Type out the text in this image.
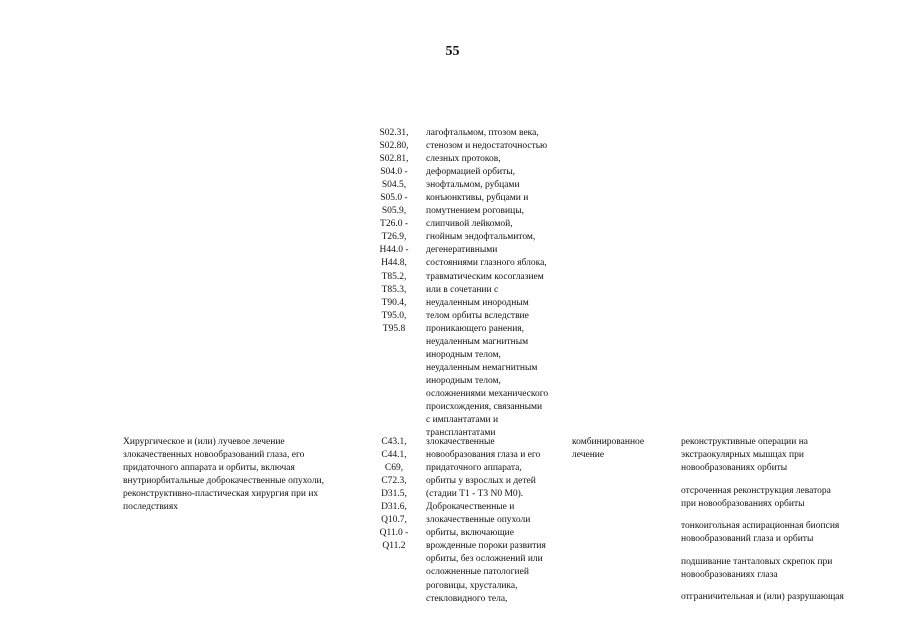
55
S02.31,
S02.80,
S02.81,
S04.0 -
S04.5,
S05.0 -
S05.9,
T26.0 -
T26.9,
H44.0 -
H44.8,
T85.2,
T85.3,
T90.4,
T95.0,
T95.8
лагофтальмом, птозом века,
стенозом и недостаточностью
слезных протоков,
деформацией орбиты,
энофтальмом, рубцами
конъюнктивы, рубцами и
помутнением роговицы,
слипчивой лейкомой,
гнойным эндофтальмитом,
дегенеративными
состояниями глазного яблока,
травматическим косоглазием
или в сочетании с
неудаленным инородным
телом орбиты вследствие
проникающего ранения,
неудаленным магнитным
инородным телом,
неудаленным немагнитным
инородным телом,
осложнениями механического
происхождения, связанными
с имплантатами и
трансплантатами
Хирургическое и (или) лучевое лечение
злокачественных новообразований глаза, его
придаточного аппарата и орбиты, включая
внутриорбитальные доброкачественные опухоли,
реконструктивно-пластическая хирургия при их
последствиях
C43.1,
C44.1,
C69,
C72.3,
D31.5,
D31.6,
Q10.7,
Q11.0 -
Q11.2
злокачественные
новообразования глаза и его
придаточного аппарата,
орбиты у взрослых и детей
(стадии T1 - T3 N0 M0).
Доброкачественные и
злокачественные опухоли
орбиты, включающие
врожденные пороки развития
орбиты, без осложнений или
осложненные патологией
роговицы, хрусталика,
стекловидного тела,
комбинированное
лечение
реконструктивные операции на
экстраокулярных мышцах при
новообразованиях орбиты
отсроченная реконструкция леватора
при новообразованиях орбиты
тонкоигольная аспирационная биопсия
новообразований глаза и орбиты
подшивание танталовых скрепок при
новообразованиях глаза
отграничительная и (или) разрушающая
